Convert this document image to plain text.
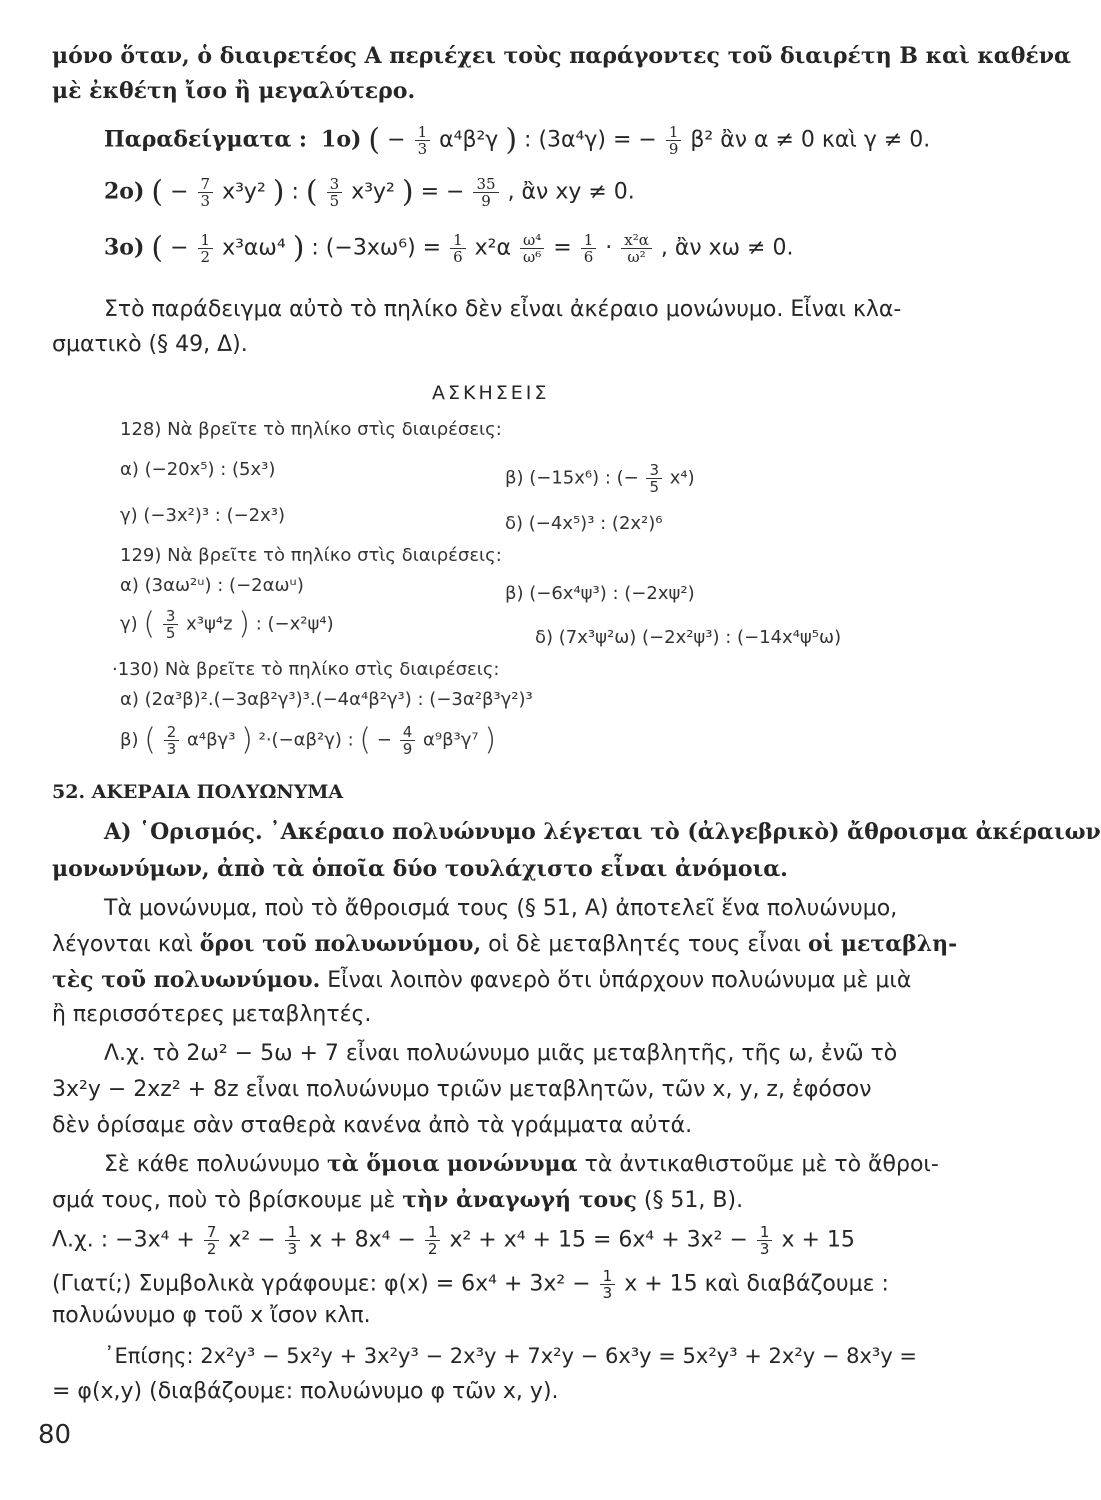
μόνο ὅταν, ὁ διαιρετέος Α περιέχει τοὺς παράγοντες τοῦ διαιρέτη Β καὶ καθένα
μὲ ἐκθέτη ἴσο ἢ μεγαλύτερο.
Παραδείγματα : 1ο) ( − $\frac{1}{3} \alpha^4\beta^2\gamma$ ) : (3α⁴γ) = − $\frac{1}{9} \beta^2$ ἂν α ≠ 0 καὶ γ ≠ 0.
2ο) ( − $\frac{7}{3} x^3y^2$ ) : ( $\frac{3}{5} x^3y^2$ ) = − $\frac{35}{9}$ , ἂν xy ≠ 0.
3ο) ( − $\frac{1}{2} x^3\alpha\omega^4$ ) : $(-3x\omega^6) = \frac{1}{6} x^2\alpha \frac{\text{ω⁴}}{\text{ω⁶}} = \frac{1}{6} \cdot \frac{\text{x²α}}{\text{ω²}}$ , ἂν xω ≠ 0.
Στὸ παράδειγμα αὐτὸ τὸ πηλίκο δὲν εἶναι ἀκέραιο μονώνυμο. Εἶναι κλα-
σματικὸ (§ 49, Δ).
ΑΣΚΗΣΕΙΣ
128) Νὰ βρεῖτε τὸ πηλίκο στὶς διαιρέσεις:
α) (−20x⁵) : (5x³)	β) (−15x⁶) : (− $\frac{3}{5} x^4$)
γ) (−3x²)³ : (−2x³)	δ) (−4x⁵)³ : (2x²)⁶
129) Νὰ βρεῖτε τὸ πηλίκο στὶς διαιρέσεις:
α) (3αω²ᵘ) : (−2αωᵘ)	β) (−6x⁴ψ³) : (−2xψ²)
γ) ( $\frac{3}{5} x^3\psi^4z$ ) : (−x²ψ⁴)
δ) (7x³ψ²ω) (−2x²ψ³) : (−14x⁴ψ⁵ω)
·130) Νὰ βρεῖτε τὸ πηλίκο στὶς διαιρέσεις:
α) (2α³β)².(−3αβ²γ³)³.(−4α⁴β²γ³) : (−3α²β³γ²)³
β) ( $\frac{2}{3} \alpha^4\beta\gamma^3$ ) ²·(−αβ²γ) : ( − $\frac{4}{9} \alpha^9\beta^3\gamma^7$ )
52. ΑΚΕΡΑΙΑ ΠΟΛΥΩΝΥΜΑ
Α) ῾Ορισμός. ᾿Ακέραιο πολυώνυμο λέγεται τὸ (ἀλγεβρικὸ) ἄθροισμα ἀκέραιων
μονωνύμων, ἀπὸ τὰ ὁποῖα δύο τουλάχιστο εἶναι ἀνόμοια.
Τὰ μονώνυμα, ποὺ τὸ ἄθροισμά τους (§ 51, Α) ἀποτελεῖ ἕνα πολυώνυμο,
λέγονται καὶ ὅροι τοῦ πολυωνύμου, οἱ δὲ μεταβλητές τους εἶναι οἱ μεταβλη-
τὲς τοῦ πολυωνύμου. Εἶναι λοιπὸν φανερὸ ὅτι ὑπάρχουν πολυώνυμα μὲ μιὰ
ἢ περισσότερες μεταβλητές.
Λ.χ. τὸ 2ω² − 5ω + 7 εἶναι πολυώνυμο μιᾶς μεταβλητῆς, τῆς ω, ἐνῶ τὸ
3x²y − 2xz² + 8z εἶναι πολυώνυμο τριῶν μεταβλητῶν, τῶν x, y, z, ἐφόσον
δὲν ὁρίσαμε σὰν σταθερὰ κανένα ἀπὸ τὰ γράμματα αὐτά.
Σὲ κάθε πολυώνυμο τὰ ὅμοια μονώνυμα τὰ ἀντικαθιστοῦμε μὲ τὸ ἄθροι-
σμά τους, ποὺ τὸ βρίσκουμε μὲ τὴν ἀναγωγή τους (§ 51, Β).
Λ.χ. : $-3x^4 + \frac{7}{2} x^2 - \frac{1}{3}$ $x + 8x^4 - \frac{1}{2} x^2 + x^4 + 15 = 6x^4 + 3x^2 - \frac{1}{3}$ x + 15
(Γιατί;) Συμβολικὰ γράφουμε: $\varphi(x) = 6x^4 + 3x^2 - \frac{1}{3}$ x + 15 καὶ διαβάζουμε :
πολυώνυμο φ τοῦ x ἴσον κλπ.
᾿Επίσης: 2x²y³ − 5x²y + 3x²y³ − 2x³y + 7x²y − 6x³y = 5x²y³ + 2x²y − 8x³y =
= φ(x,y) (διαβάζουμε: πολυώνυμο φ τῶν x, y).
80
